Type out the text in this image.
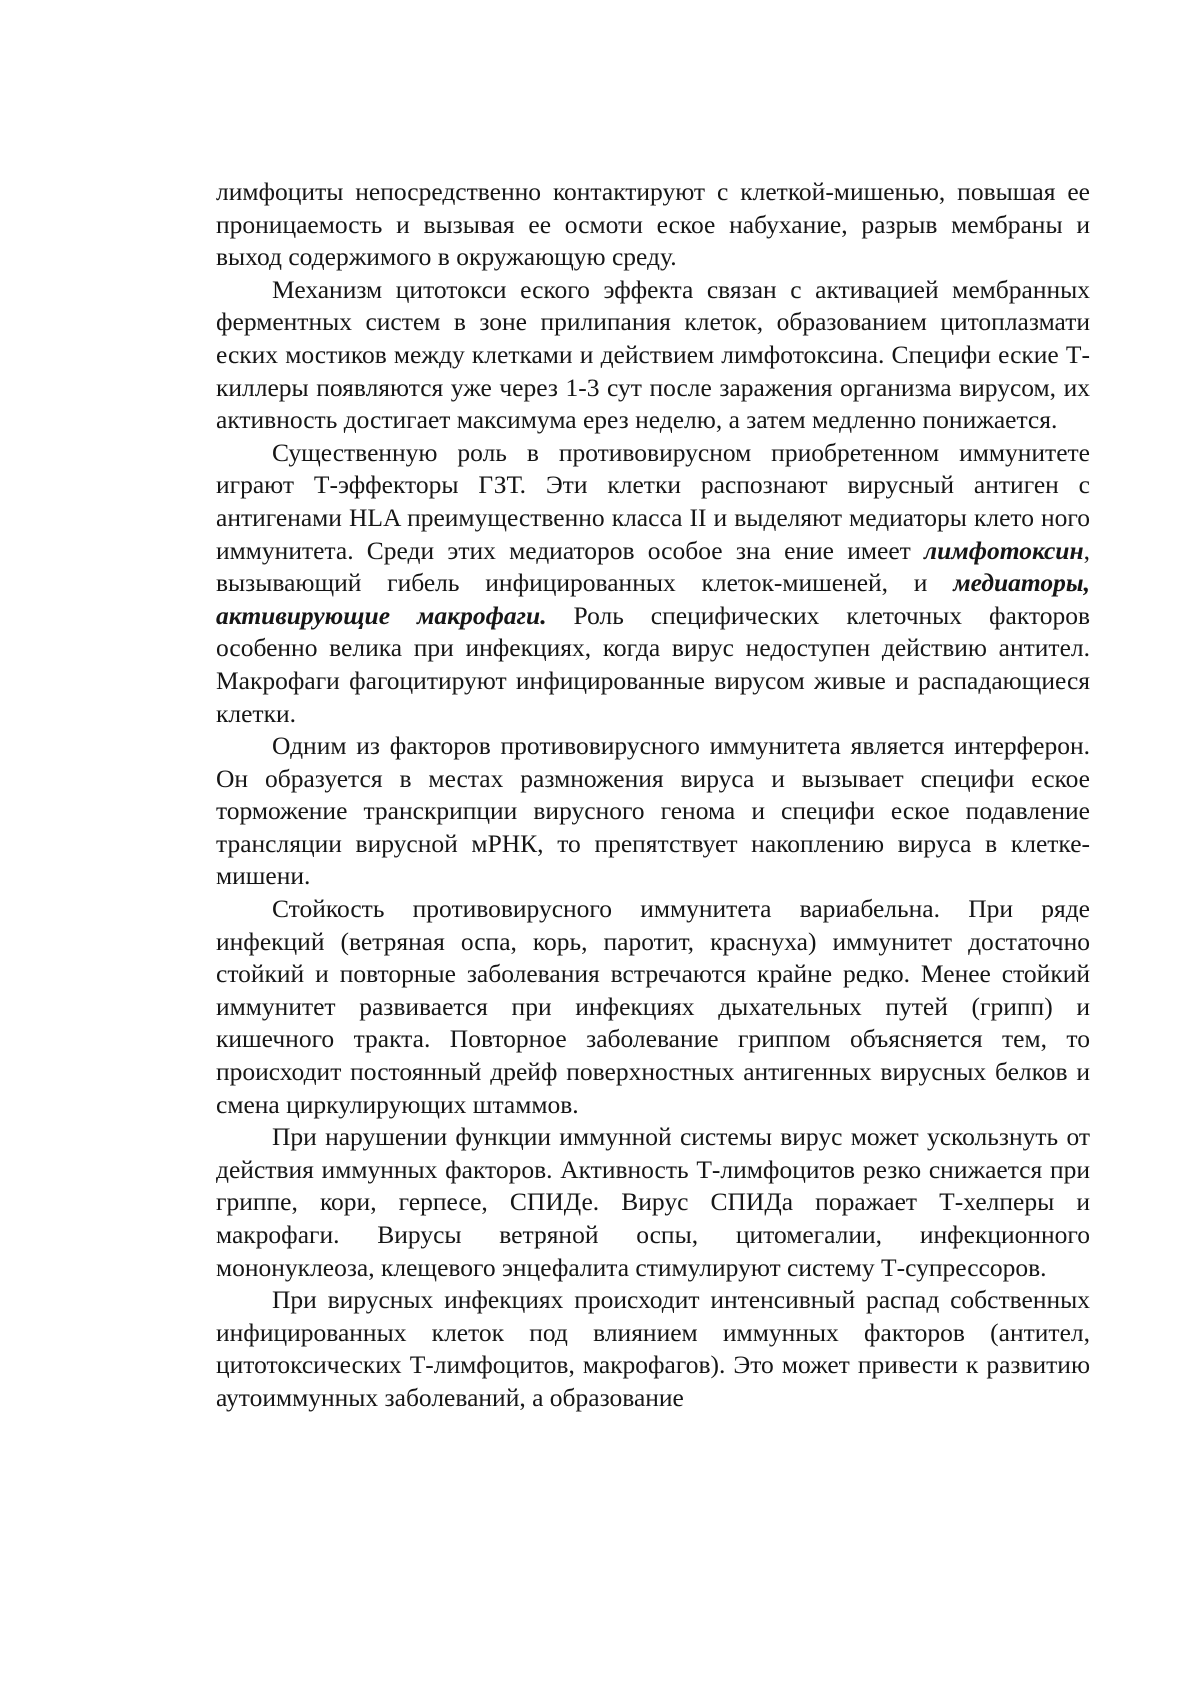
лимфоциты непосредственно контактируют с клеткой-мишенью, повышая ее проницаемость и вызывая ее осмоти еское набухание, разрыв мембраны и выход содержимого в окружающую среду.

Механизм цитотокси еского эффекта связан с активацией мембранных ферментных систем в зоне прилипания клеток, образованием цитоплазмати еских мостиков между клетками и действием лимфотоксина. Специфи еские Т-киллеры появляются уже через 1-3 сут после заражения организма вирусом, их активность достигает максимума ерез неделю, а затем медленно понижается.

Существенную роль в противовирусном приобретенном иммунитете играют Т-эффекторы ГЗТ. Эти клетки распознают вирусный антиген с антигенами HLA преимущественно класса II и выделяют медиаторы клето ного иммунитета. Среди этих медиаторов особое зна ение имеет лимфотоксин, вызывающий гибель инфицированных клеток-мишеней, и медиаторы, активирующие макрофаги. Роль специфических клеточных факторов особенно велика при инфекциях, когда вирус недоступен действию антител. Макрофаги фагоцитируют инфицированные вирусом живые и распадающиеся клетки.

Одним из факторов противовирусного иммунитета является интерферон. Он образуется в местах размножения вируса и вызывает специфи еское торможение транскрипции вирусного генома и специфи еское подавление трансляции вирусной мРНК, то препятствует накоплению вируса в клетке-мишени.

Стойкость противовирусного иммунитета вариабельна. При ряде инфекций (ветряная оспа, корь, паротит, краснуха) иммунитет достаточно стойкий и повторные заболевания встречаются крайне редко. Менее стойкий иммунитет развивается при инфекциях дыхательных путей (грипп) и кишечного тракта. Повторное заболевание гриппом объясняется тем, то происходит постоянный дрейф поверхностных антигенных вирусных белков и смена циркулирующих штаммов.

При нарушении функции иммунной системы вирус может ускользнуть от действия иммунных факторов. Активность Т-лимфоцитов резко снижается при гриппе, кори, герпесе, СПИДе. Вирус СПИДа поражает Т-хелперы и макрофаги. Вирусы ветряной оспы, цитомегалии, инфекционного мононуклеоза, клещевого энцефалита стимулируют систему Т-супрессоров.

При вирусных инфекциях происходит интенсивный распад собственных инфицированных клеток под влиянием иммунных факторов (антител, цитотоксических Т-лимфоцитов, макрофагов). Это может привести к развитию аутоиммунных заболеваний, а образование
